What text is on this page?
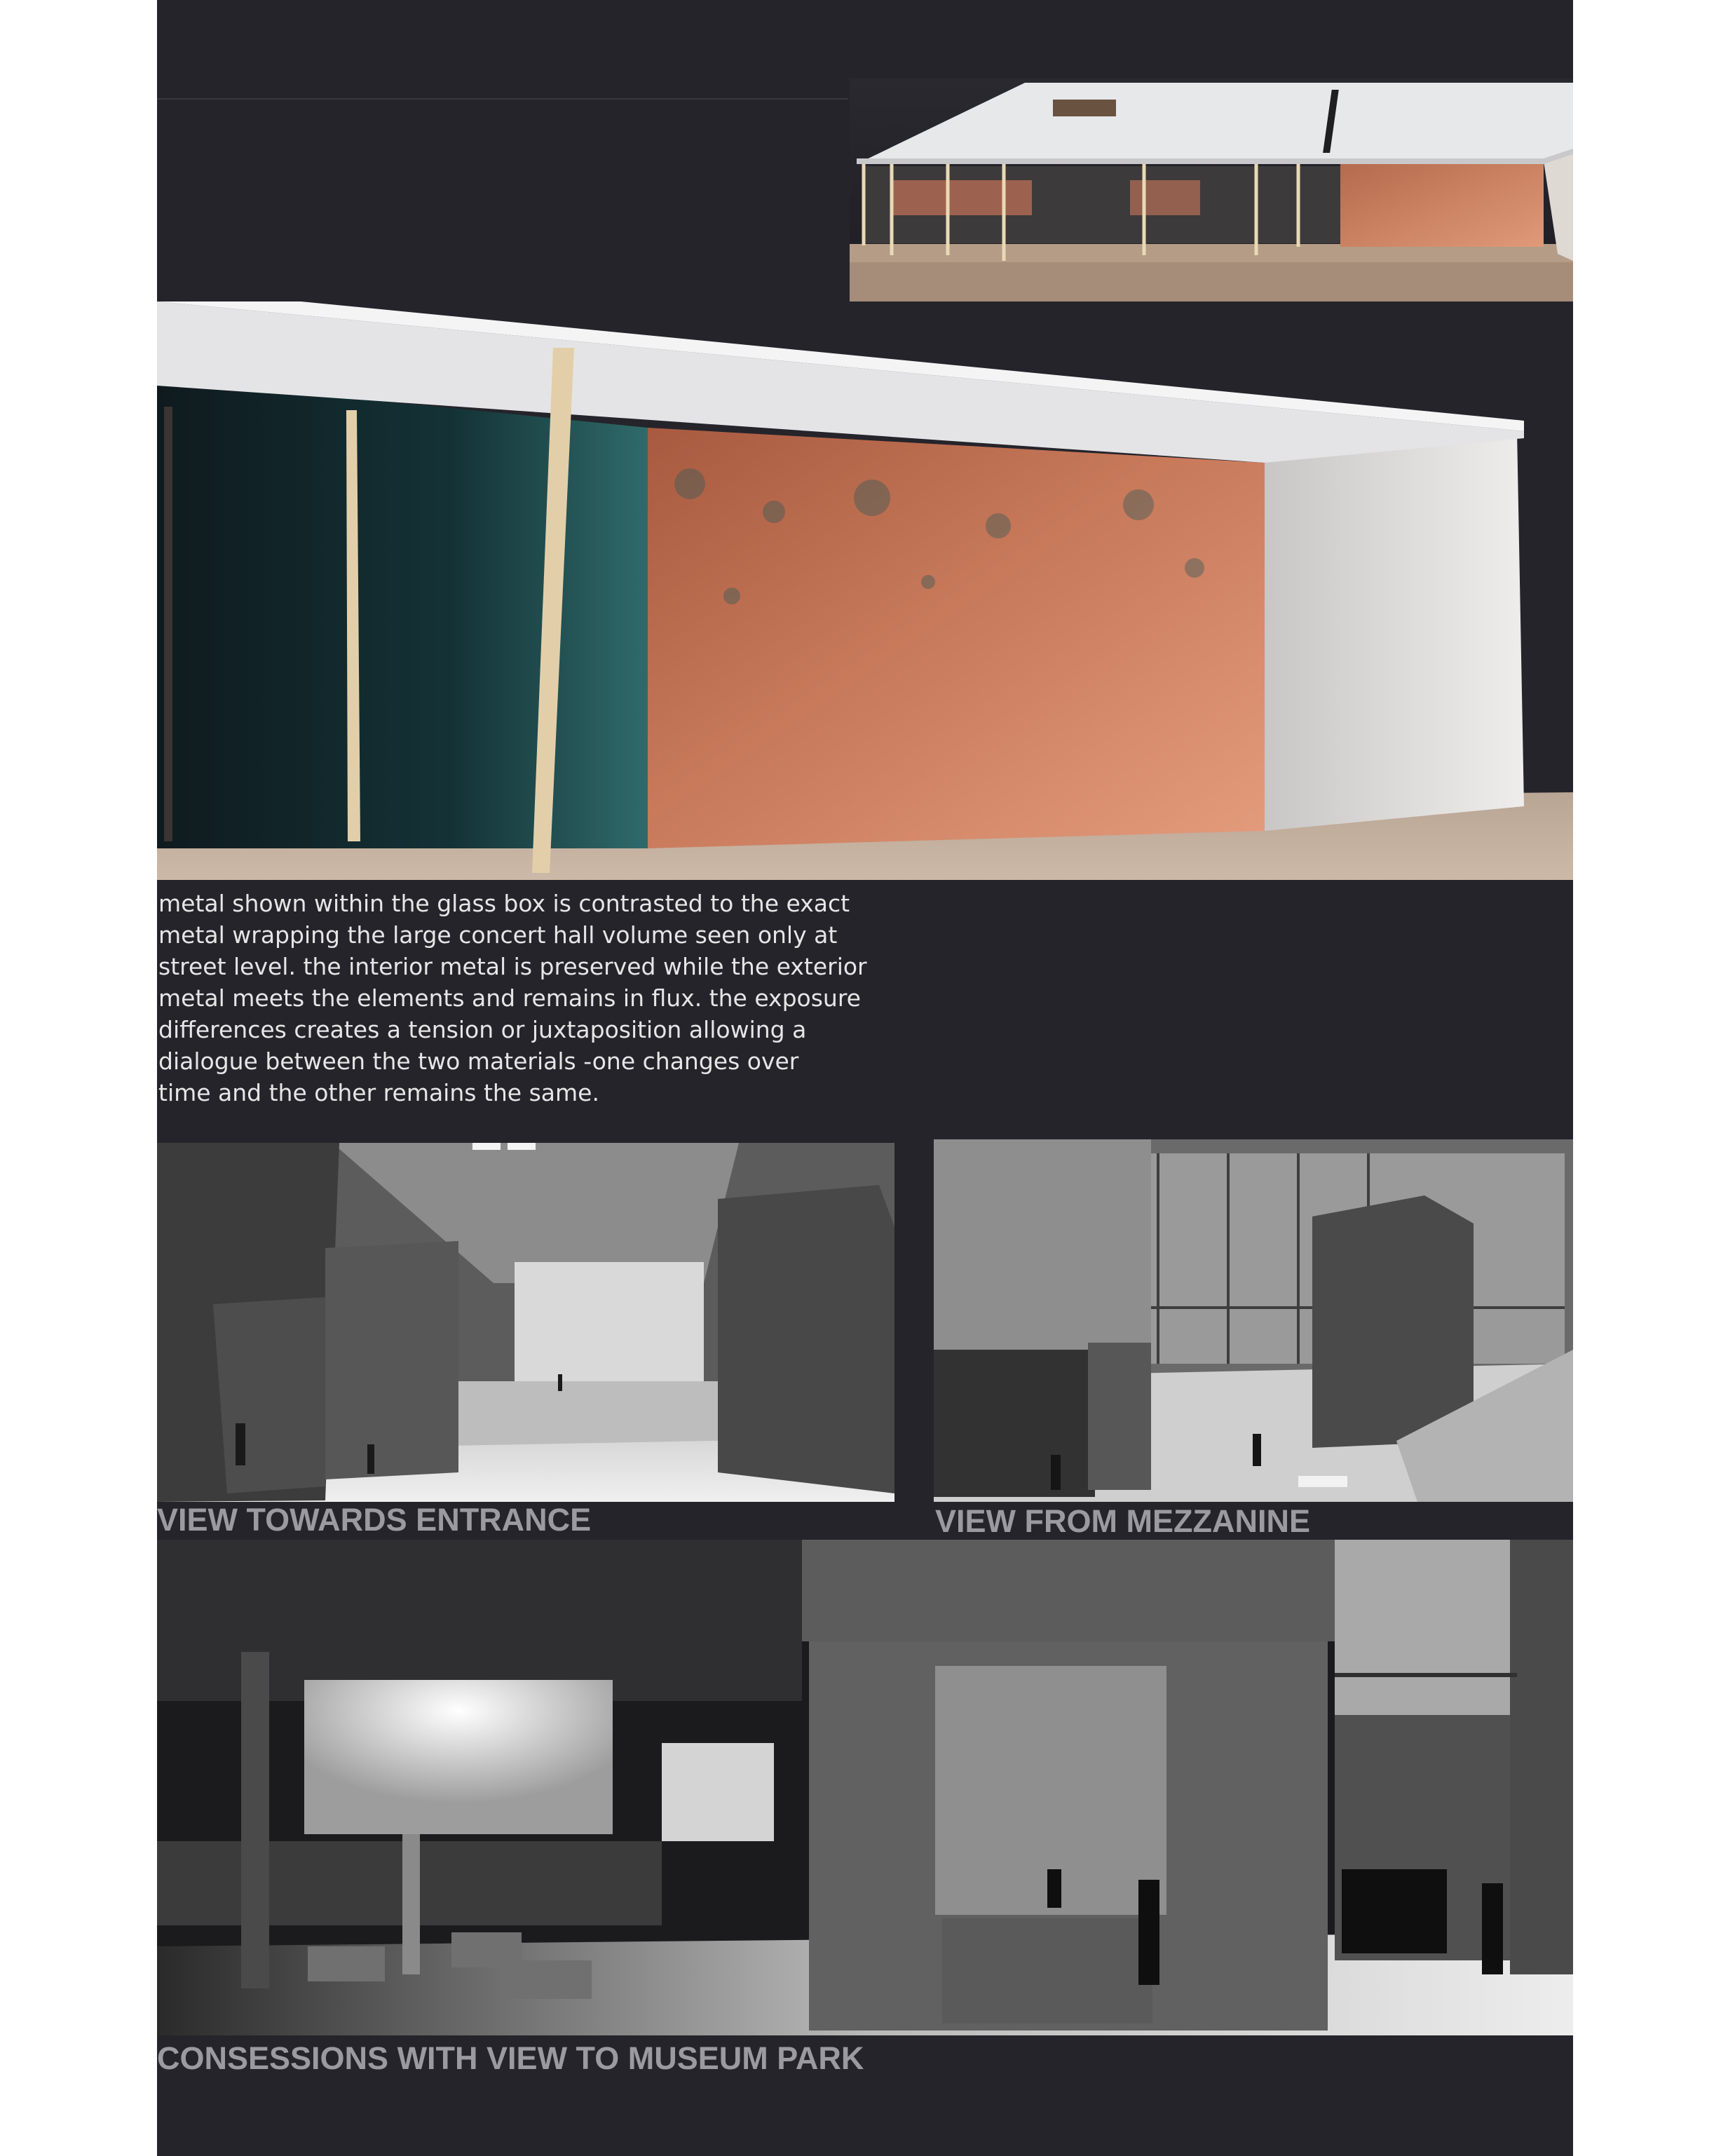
metal shown within the glass box is contrasted to the exact
metal wrapping the large concert hall volume seen only at
street level. the interior metal is preserved while the exterior
metal meets the elements and remains in flux. the exposure
differences creates a tension or juxtaposition allowing a
dialogue between the two materials -one changes over
time and the other remains the same.

VIEW TOWARDS ENTRANCE	VIEW FROM MEZZANINE

CONSESSIONS WITH VIEW TO MUSEUM PARK
